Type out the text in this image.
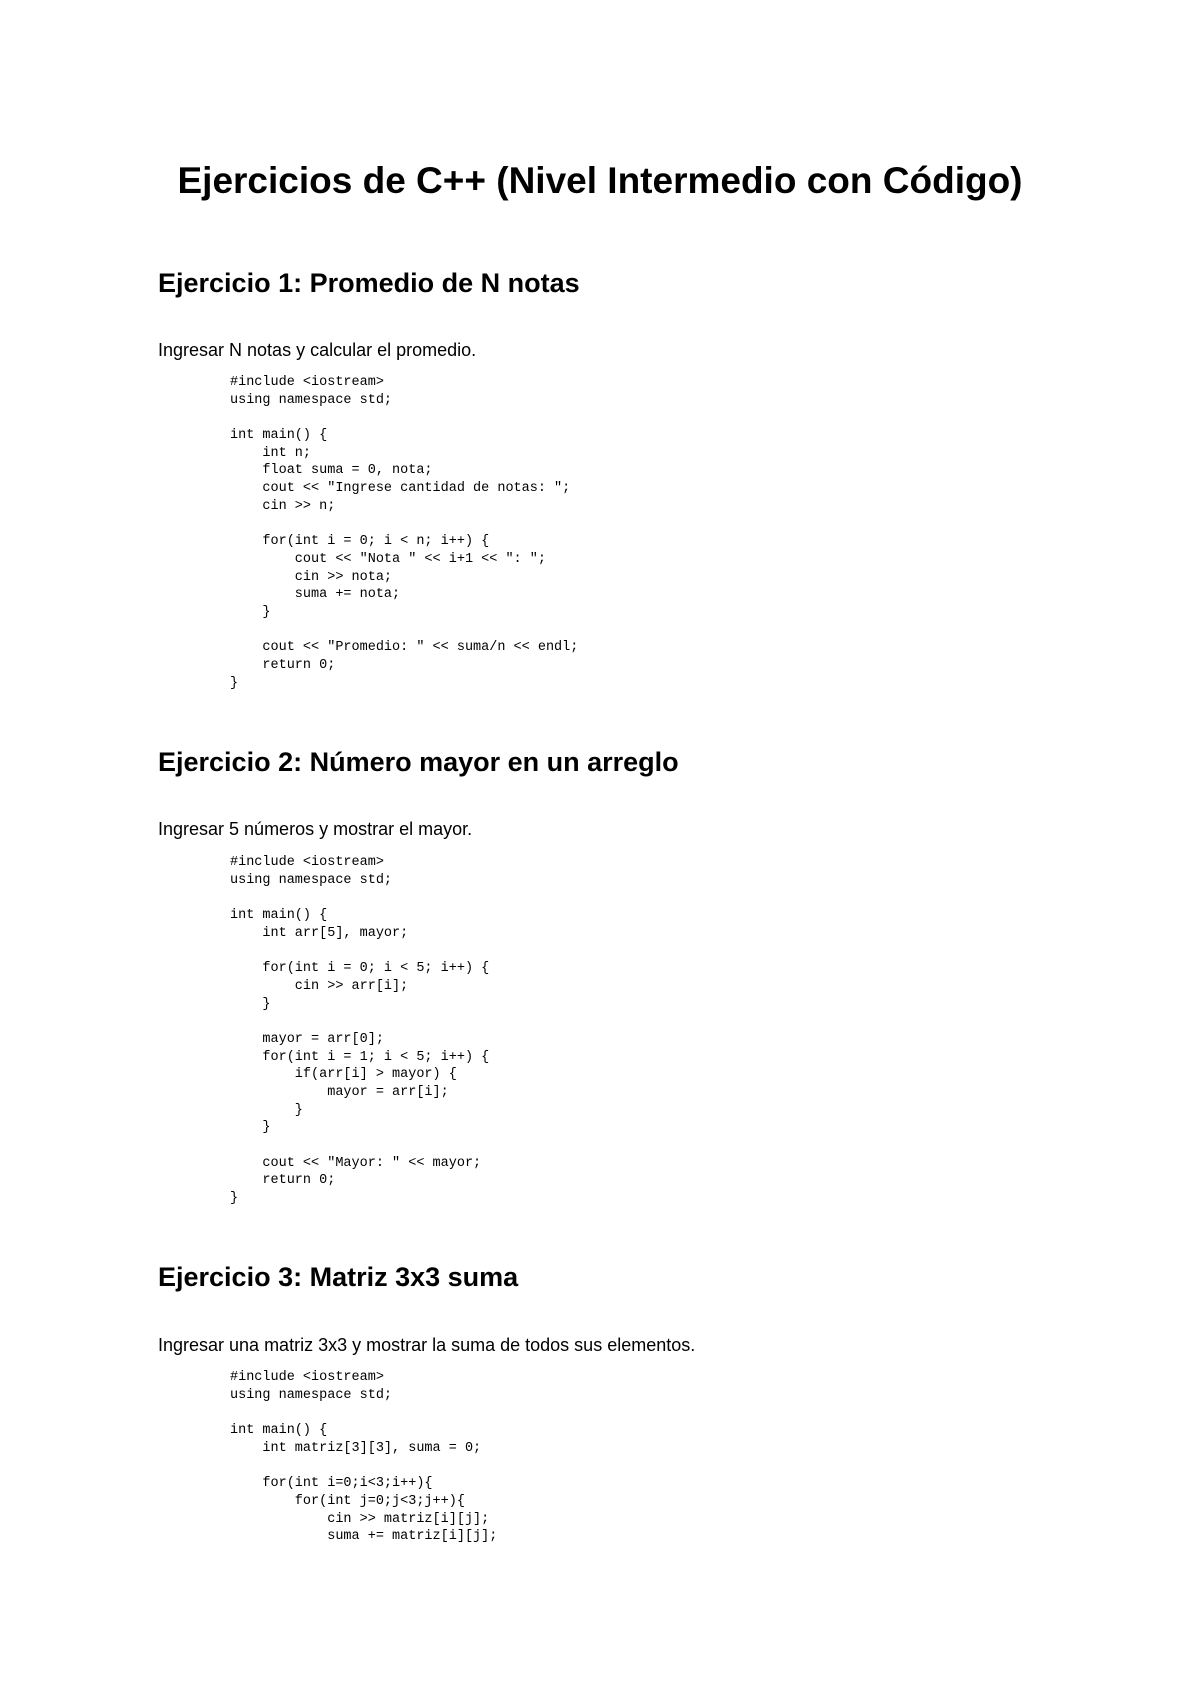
Ejercicios de C++ (Nivel Intermedio con Código)
Ejercicio 1: Promedio de N notas

Ingresar N notas y calcular el promedio.

#include <iostream>
using namespace std;
int main() {
int n;
float suma = 0, nota;
cout << "Ingrese cantidad de notas: ";
cin >> n;
for(int i = 0; i < n; i++) {
cout << "Nota " << i+1 << ": ";
cin >> nota;
suma += nota;
}
cout << "Promedio: " << suma/n << endl;
return 0;
}
Ejercicio 2: Número mayor en un arreglo

Ingresar 5 números y mostrar el mayor.

#include <iostream>
using namespace std;
int main() {
int arr[5], mayor;
for(int i = 0; i < 5; i++) {
cin >> arr[i];
}
mayor = arr[0];
for(int i = 1; i < 5; i++) {
if(arr[i] > mayor) {
mayor = arr[i];
}
}
cout << "Mayor: " << mayor;
return 0;
}
Ejercicio 3: Matriz 3x3 suma

Ingresar una matriz 3x3 y mostrar la suma de todos sus elementos.

#include <iostream>
using namespace std;
int main() {
int matriz[3][3], suma = 0;
for(int i=0;i<3;i++){
for(int j=0;j<3;j++){
cin >> matriz[i][j];
suma += matriz[i][j];
